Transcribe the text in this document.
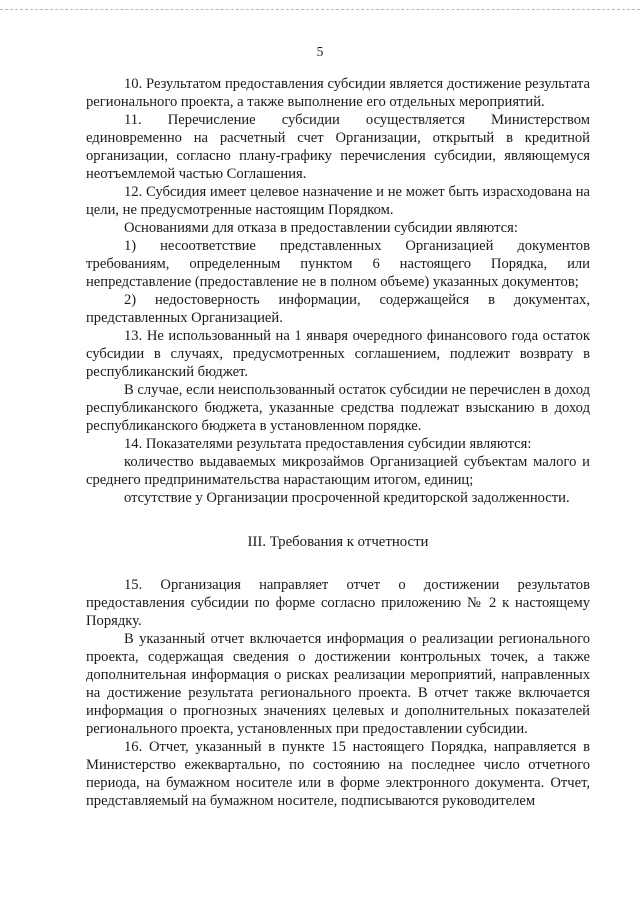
5

10. Результатом предоставления субсидии является достижение результата регионального проекта, а также выполнение его отдельных мероприятий.

11. Перечисление субсидии осуществляется Министерством единовременно на расчетный счет Организации, открытый в кредитной организации, согласно плану-графику перечисления субсидии, являющемуся неотъемлемой частью Соглашения.

12. Субсидия имеет целевое назначение и не может быть израсходована на цели, не предусмотренные настоящим Порядком.

Основаниями для отказа в предоставлении субсидии являются:

1) несоответствие представленных Организацией документов требованиям, определенным пунктом 6 настоящего Порядка, или непредставление (предоставление не в полном объеме) указанных документов;

2) недостоверность информации, содержащейся в документах, представленных Организацией.

13. Не использованный на 1 января очередного финансового года остаток субсидии в случаях, предусмотренных соглашением, подлежит возврату в республиканский бюджет.

В случае, если неиспользованный остаток субсидии не перечислен в доход республиканского бюджета, указанные средства подлежат взысканию в доход республиканского бюджета в установленном порядке.

14. Показателями результата предоставления субсидии являются:

количество выдаваемых микрозаймов Организацией субъектам малого и среднего предпринимательства нарастающим итогом, единиц;

отсутствие у Организации просроченной кредиторской задолженности.

III. Требования к отчетности

15. Организация направляет отчет о достижении результатов предоставления субсидии по форме согласно приложению № 2 к настоящему Порядку.

В указанный отчет включается информация о реализации регионального проекта, содержащая сведения о достижении контрольных точек, а также дополнительная информация о рисках реализации мероприятий, направленных на достижение результата регионального проекта. В отчет также включается информация о прогнозных значениях целевых и дополнительных показателей регионального проекта, установленных при предоставлении субсидии.

16. Отчет, указанный в пункте 15 настоящего Порядка, направляется в Министерство ежеквартально, по состоянию на последнее число отчетного периода, на бумажном носителе или в форме электронного документа. Отчет, представляемый на бумажном носителе, подписываются руководителем
